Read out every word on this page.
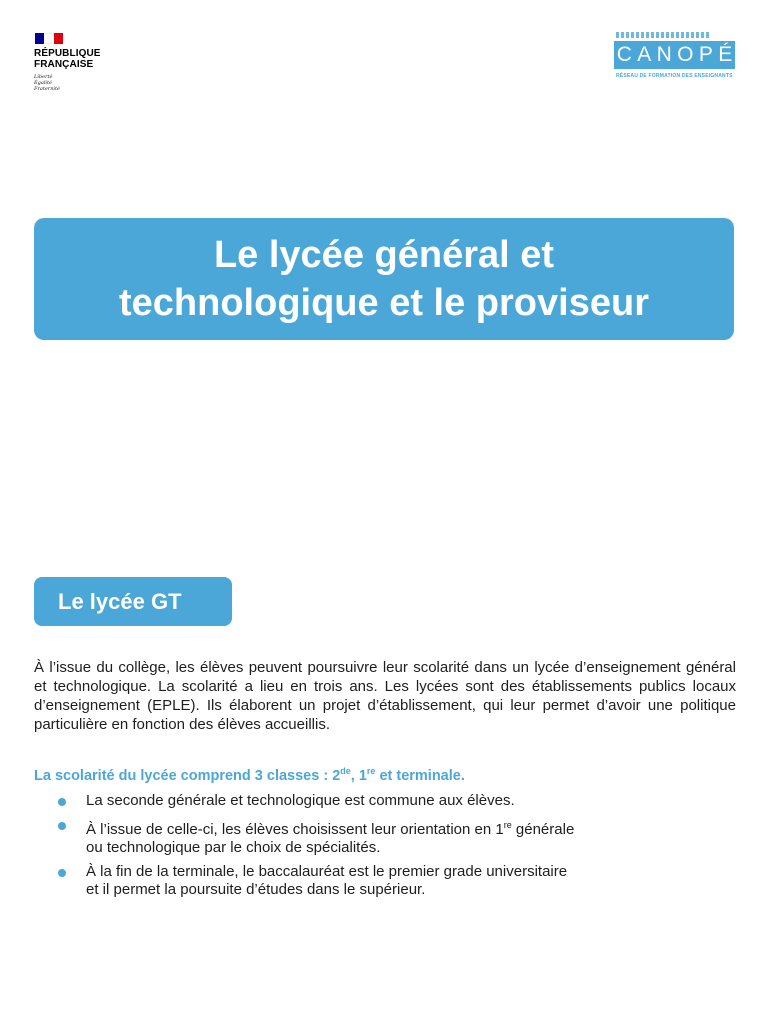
RÉPUBLIQUE
FRANÇAISE
Liberté
Égalité
Fraternité
C A N O P É
RÉSEAU DE FORMATION DES ENSEIGNANTS
Le lycée général et
technologique et le proviseur
Le lycée GT

À l’issue du collège, les élèves peuvent poursuivre leur scolarité dans un lycée d’enseignement général et technologique. La scolarité a lieu en trois ans. Les lycées sont des établissements publics locaux d’enseignement (EPLE). Ils élaborent un projet d’établissement, qui leur permet d’avoir une politique particulière en fonction des élèves accueillis.

La scolarité du lycée comprend 3 classes : 2de, 1re et terminale.

La seconde générale et technologique est commune aux élèves.
À l’issue de celle-ci, les élèves choisissent leur orientation en 1re générale
ou technologique par le choix de spécialités.
À la fin de la terminale, le baccalauréat est le premier grade universitaire
et il permet la poursuite d’études dans le supérieur.
